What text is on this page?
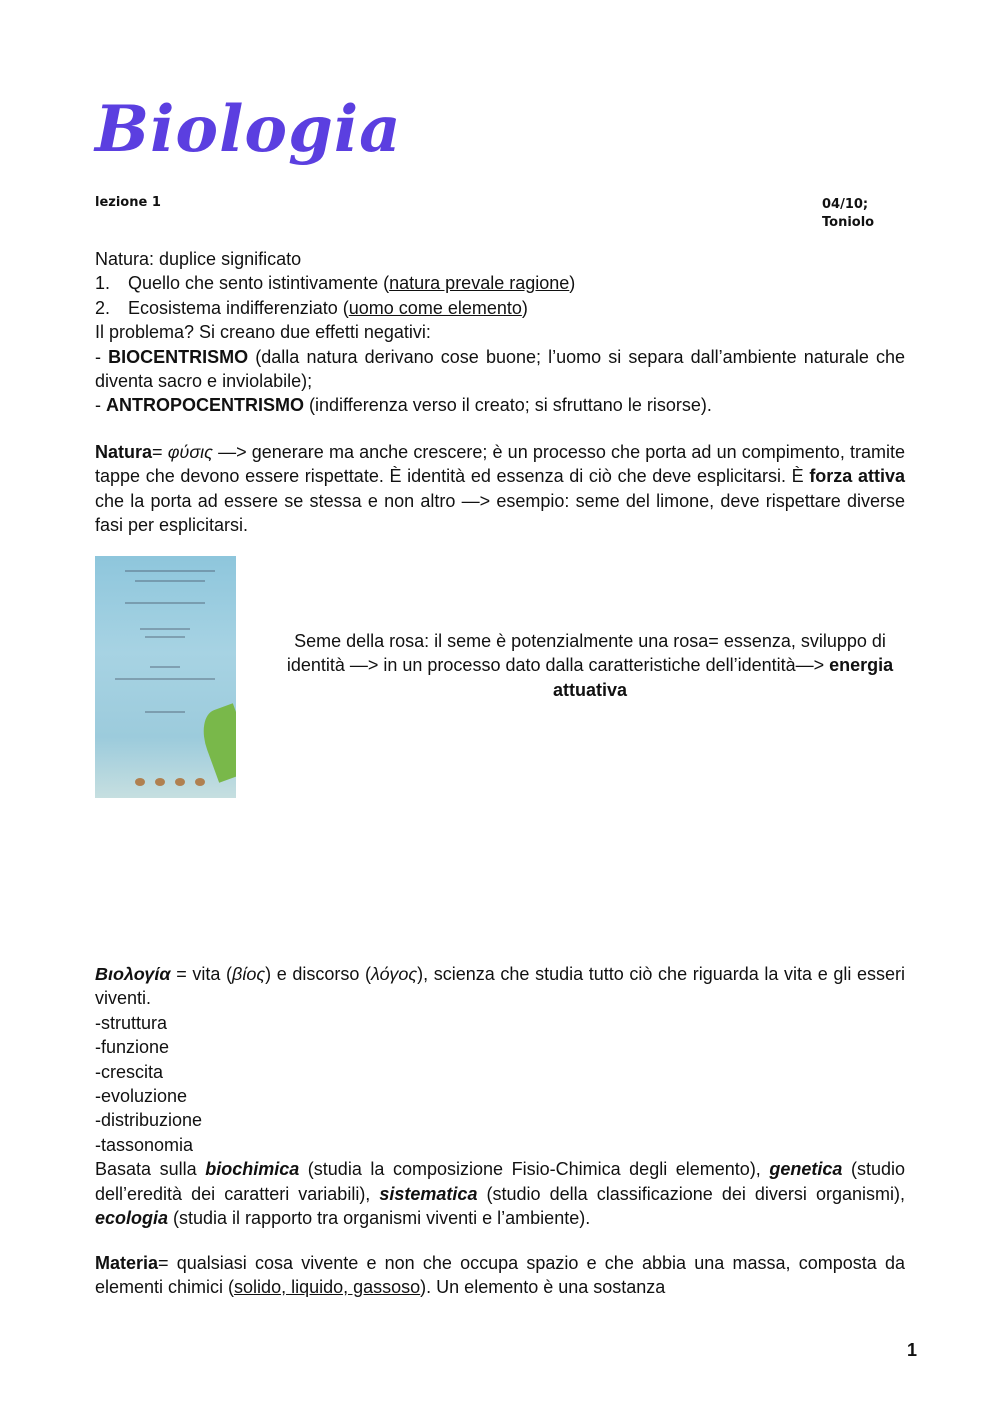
Biologia
lezione 1	04/10;
Toniolo

Natura: duplice significato

1. Quello che sento istintivamente (natura prevale ragione)

2. Ecosistema indifferenziato (uomo come elemento)

Il problema? Si creano due effetti negativi:

- BIOCENTRISMO (dalla natura derivano cose buone; l’uomo si separa dall’ambiente naturale che diventa sacro e inviolabile);

- ANTROPOCENTRISMO (indifferenza verso il creato; si sfruttano le risorse).

Natura= φύσις —> generare ma anche crescere; è un processo che porta ad un compimento, tramite tappe che devono essere rispettate. È identità ed essenza di ciò che deve esplicitarsi. È forza attiva che la porta ad essere se stessa e non altro —> esempio: seme del limone, deve rispettare diverse fasi per esplicitarsi.

Seme della rosa: il seme è potenzialmente una rosa= essenza, sviluppo di identità —> in un processo dato dalla caratteristiche dell’identità—> energia attuativa

Βιολογία = vita (βίος) e discorso (λόγος), scienza che studia tutto ciò che riguarda la vita e gli esseri viventi.

-struttura

-funzione

-crescita

-evoluzione

-distribuzione

-tassonomia

Basata sulla biochimica (studia la composizione Fisio-Chimica degli elemento), genetica (studio dell’eredità dei caratteri variabili), sistematica (studio della classificazione dei diversi organismi), ecologia (studia il rapporto tra organismi viventi e l’ambiente).

Materia= qualsiasi cosa vivente e non che occupa spazio e che abbia una massa, composta da elementi chimici (solido, liquido, gassoso). Un elemento è una sostanza

1
